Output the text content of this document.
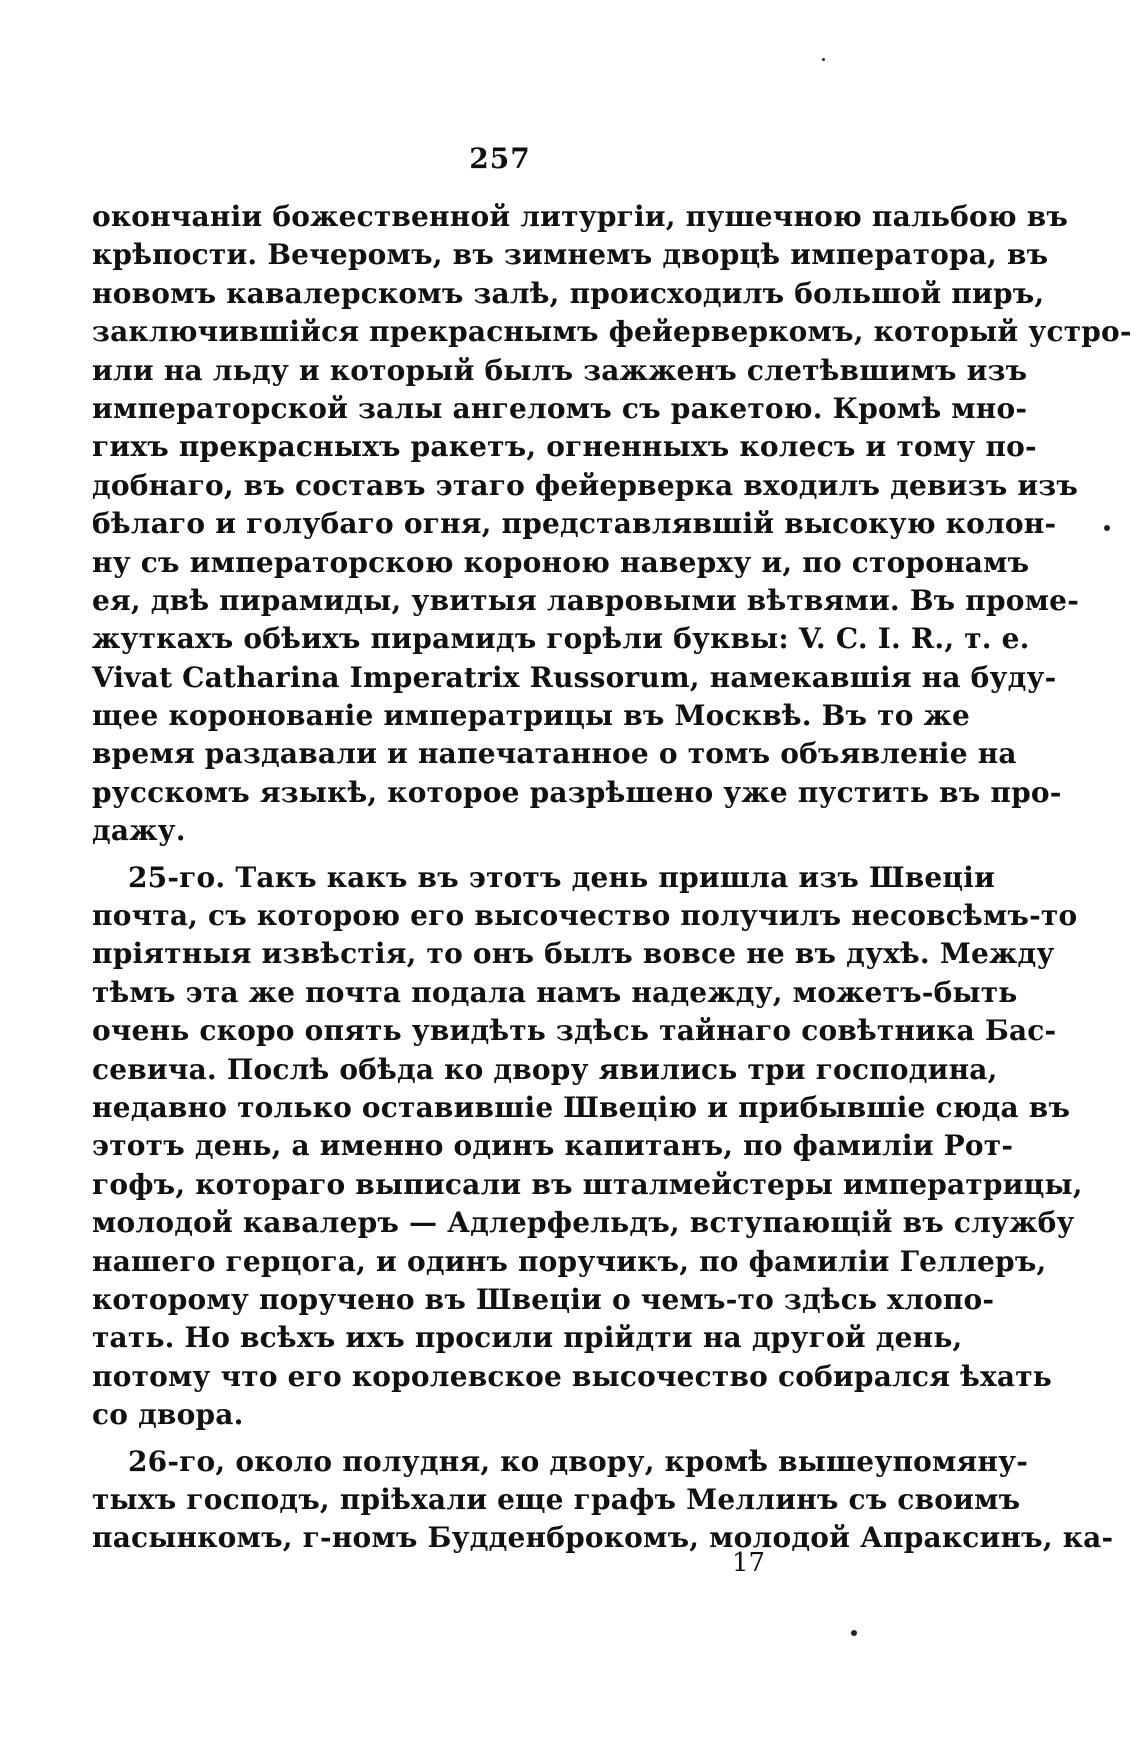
257
окончаніи божественной литургіи, пушечною пальбою въ
крѣпости. Вечеромъ, въ зимнемъ дворцѣ императора, въ
новомъ кавалерскомъ залѣ, происходилъ большой пиръ,
заключившійся прекраснымъ фейерверкомъ, который устро-
или на льду и который былъ зажженъ слетѣвшимъ изъ
императорской залы ангеломъ съ ракетою. Кромѣ мно-
гихъ прекрасныхъ ракетъ, огненныхъ колесъ и тому по-
добнаго, въ составъ этаго фейерверка входилъ девизъ изъ
бѣлаго и голубаго огня, представлявшій высокую колон-
ну съ императорскою короною наверху и, по сторонамъ
ея, двѣ пирамиды, увитыя лавровыми вѣтвями. Въ проме-
жуткахъ обѣихъ пирамидъ горѣли буквы: V. C. I. R., т. е.
Vivat Catharina Imperatrix Russorum, намекавшія на буду-
щее коронованіе императрицы въ Москвѣ. Въ то же
время раздавали и напечатанное о томъ объявленіе на
русскомъ языкѣ, которое разрѣшено уже пустить въ про-
дажу.
25-го. Такъ какъ въ этотъ день пришла изъ Швеціи
почта, съ которою его высочество получилъ несовсѣмъ-то
пріятныя извѣстія, то онъ былъ вовсе не въ духѣ. Между
тѣмъ эта же почта подала намъ надежду, можетъ-быть
очень скоро опять увидѣть здѣсь тайнаго совѣтника Бас-
севича. Послѣ обѣда ко двору явились три господина,
недавно только оставившіе Швецію и прибывшіе сюда въ
этотъ день, а именно одинъ капитанъ, по фамиліи Рот-
гофъ, котораго выписали въ шталмейстеры императрицы,
молодой кавалеръ — Адлерфельдъ, вступающій въ службу
нашего герцога, и одинъ поручикъ, по фамиліи Геллеръ,
которому поручено въ Швеціи о чемъ-то здѣсь хлопо-
тать. Но всѣхъ ихъ просили прійдти на другой день,
потому что его королевское высочество собирался ѣхать
со двора.
26-го, около полудня, ко двору, кромѣ вышеупомяну-
тыхъ господъ, пріѣхали еще графъ Меллинъ съ своимъ
пасынкомъ, г-номъ Будденброкомъ, молодой Апраксинъ, ка-
17
